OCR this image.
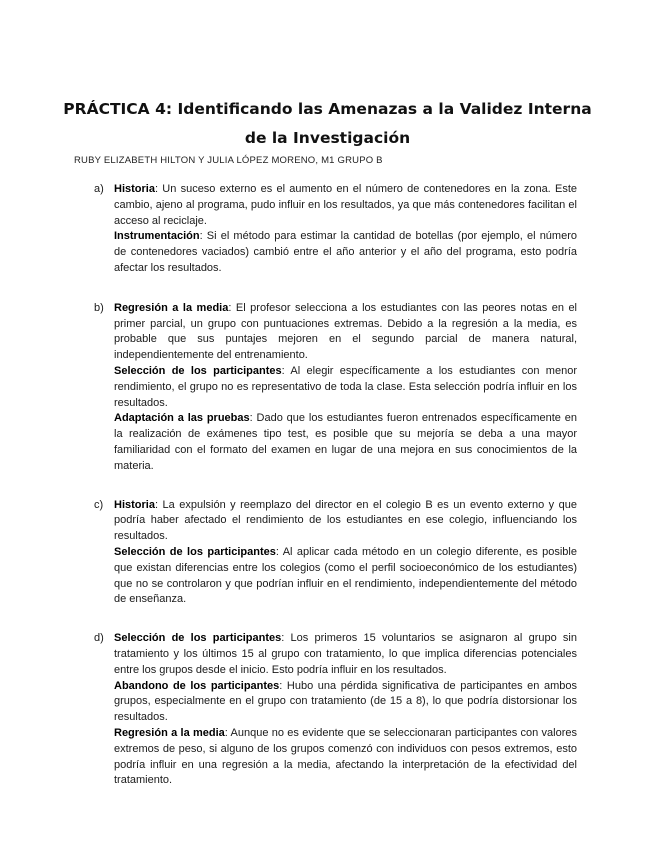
PRÁCTICA 4: Identificando las Amenazas a la Validez Interna
de la Investigación
RUBY ELIZABETH HILTON Y JULIA LÓPEZ MORENO, M1 GRUPO B
a) Historia: Un suceso externo es el aumento en el número de contenedores en la zona. Este cambio, ajeno al programa, pudo influir en los resultados, ya que más contenedores facilitan el acceso al reciclaje.

Instrumentación: Si el método para estimar la cantidad de botellas (por ejemplo, el número de contenedores vaciados) cambió entre el año anterior y el año del programa, esto podría afectar los resultados.

b) Regresión a la media: El profesor selecciona a los estudiantes con las peores notas en el primer parcial, un grupo con puntuaciones extremas. Debido a la regresión a la media, es probable que sus puntajes mejoren en el segundo parcial de manera natural, independientemente del entrenamiento.

Selección de los participantes: Al elegir específicamente a los estudiantes con menor rendimiento, el grupo no es representativo de toda la clase. Esta selección podría influir en los resultados.

Adaptación a las pruebas: Dado que los estudiantes fueron entrenados específicamente en la realización de exámenes tipo test, es posible que su mejoría se deba a una mayor familiaridad con el formato del examen en lugar de una mejora en sus conocimientos de la materia.

c) Historia: La expulsión y reemplazo del director en el colegio B es un evento externo y que podría haber afectado el rendimiento de los estudiantes en ese colegio, influenciando los resultados.

Selección de los participantes: Al aplicar cada método en un colegio diferente, es posible que existan diferencias entre los colegios (como el perfil socioeconómico de los estudiantes) que no se controlaron y que podrían influir en el rendimiento, independientemente del método de enseñanza.

d) Selección de los participantes: Los primeros 15 voluntarios se asignaron al grupo sin tratamiento y los últimos 15 al grupo con tratamiento, lo que implica diferencias potenciales entre los grupos desde el inicio. Esto podría influir en los resultados.

Abandono de los participantes: Hubo una pérdida significativa de participantes en ambos grupos, especialmente en el grupo con tratamiento (de 15 a 8), lo que podría distorsionar los resultados.

Regresión a la media: Aunque no es evidente que se seleccionaran participantes con valores extremos de peso, si alguno de los grupos comenzó con individuos con pesos extremos, esto podría influir en una regresión a la media, afectando la interpretación de la efectividad del tratamiento.
